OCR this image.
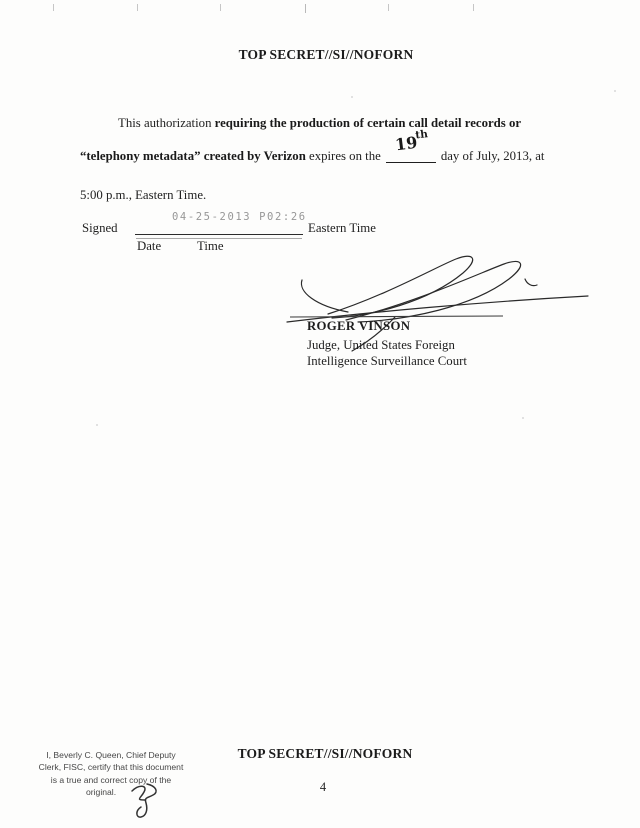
TOP SECRET//SI//NOFORN

This authorization requiring the production of certain call detail records or

“telephony metadata” created by Verizon expires on the
19th
day of July, 2013, at

5:00 p.m., Eastern Time.

Signed
04-25-2013 P02:26
Eastern Time
Date	Time
ROGER VINSON
Judge, United States Foreign
Intelligence Surveillance Court
I, Beverly C. Queen, Chief Deputy
Clerk, FISC, certify that this document
is a true and correct copy of the
original.
TOP SECRET//SI//NOFORN
4
